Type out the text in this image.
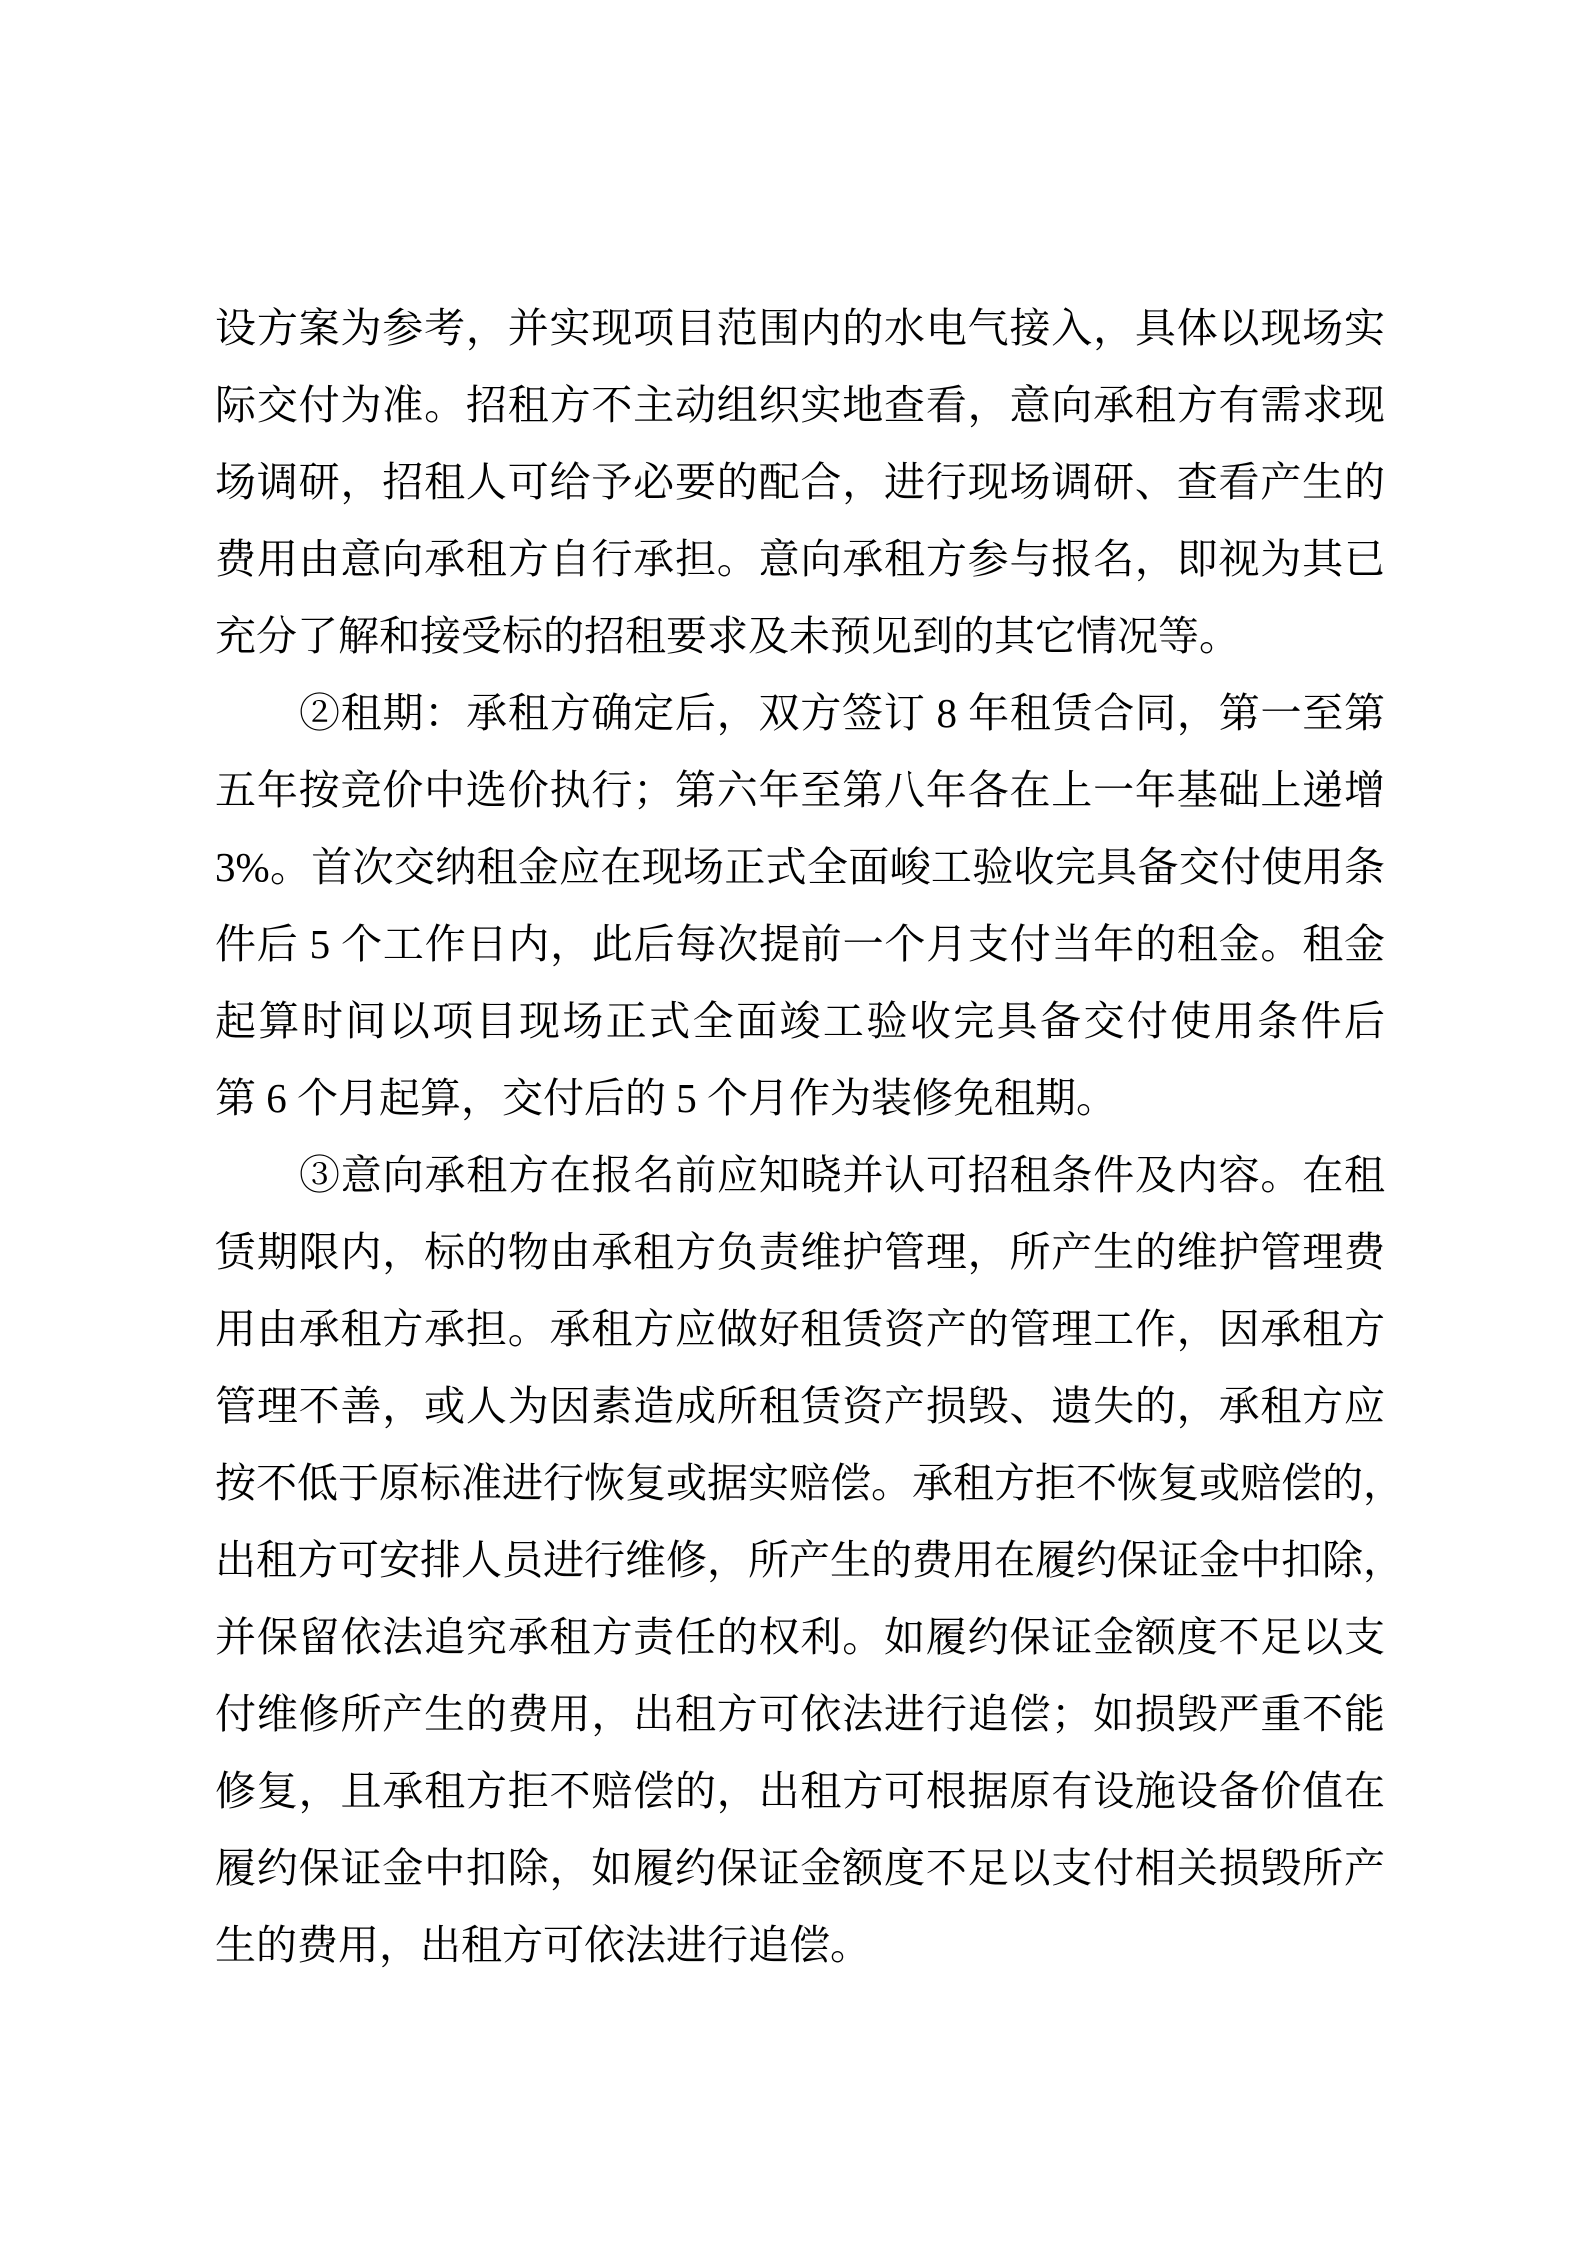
设方案为参考，并实现项目范围内的水电气接入，具体以现场实
际交付为准。招租方不主动组织实地查看，意向承租方有需求现
场调研，招租人可给予必要的配合，进行现场调研、查看产生的
费用由意向承租方自行承担。意向承租方参与报名，即视为其已
充分了解和接受标的招租要求及未预见到的其它情况等。
②租期：承租方确定后，双方签订 8 年租赁合同，第一至第
五年按竞价中选价执行；第六年至第八年各在上一年基础上递增
3%。首次交纳租金应在现场正式全面峻工验收完具备交付使用条
件后 5 个工作日内，此后每次提前一个月支付当年的租金。租金
起算时间以项目现场正式全面竣工验收完具备交付使用条件后
第 6 个月起算，交付后的 5 个月作为装修免租期。
③意向承租方在报名前应知晓并认可招租条件及内容。在租
赁期限内，标的物由承租方负责维护管理，所产生的维护管理费
用由承租方承担。承租方应做好租赁资产的管理工作，因承租方
管理不善，或人为因素造成所租赁资产损毁、遗失的，承租方应
按不低于原标准进行恢复或据实赔偿。承租方拒不恢复或赔偿的，
出租方可安排人员进行维修，所产生的费用在履约保证金中扣除，
并保留依法追究承租方责任的权利。如履约保证金额度不足以支
付维修所产生的费用，出租方可依法进行追偿；如损毁严重不能
修复，且承租方拒不赔偿的，出租方可根据原有设施设备价值在
履约保证金中扣除，如履约保证金额度不足以支付相关损毁所产
生的费用，出租方可依法进行追偿。
